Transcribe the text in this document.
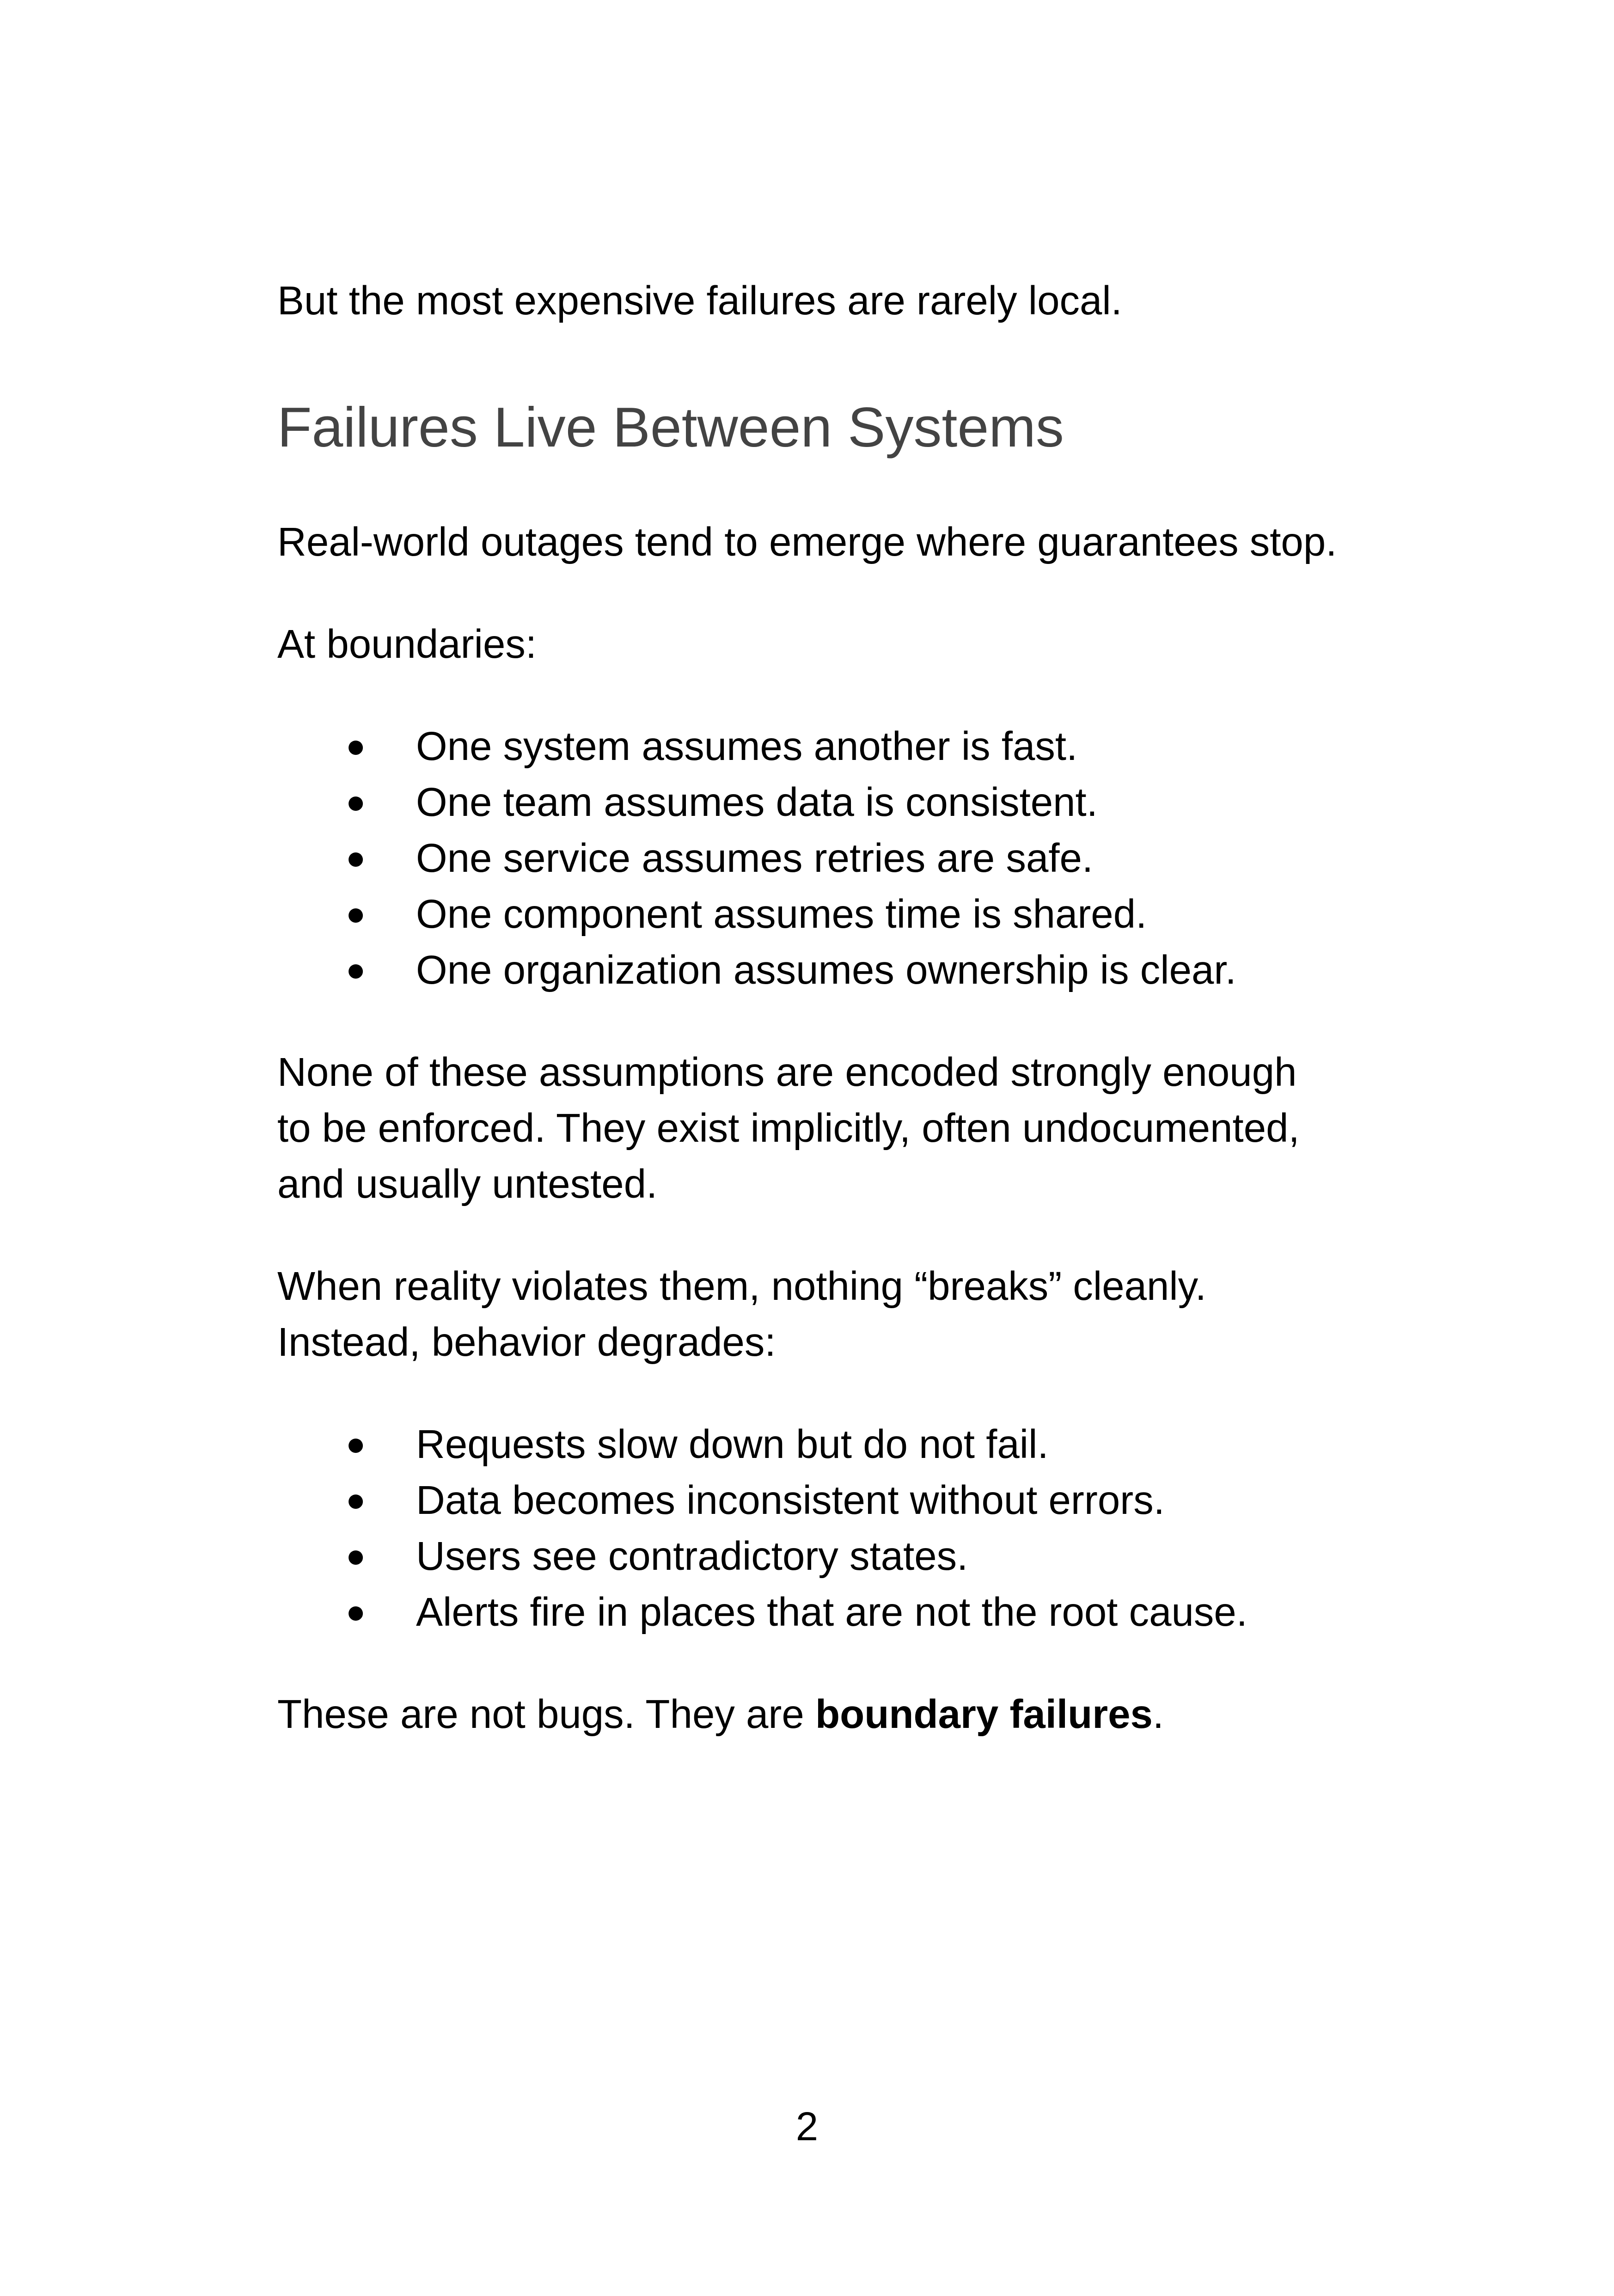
But the most expensive failures are rarely local.

Failures Live Between Systems

Real-world outages tend to emerge where guarantees stop.

At boundaries:

● One system assumes another is fast.
● One team assumes data is consistent.
● One service assumes retries are safe.
● One component assumes time is shared.
● One organization assumes ownership is clear.

None of these assumptions are encoded strongly enough to be enforced. They exist implicitly, often undocumented, and usually untested.

When reality violates them, nothing “breaks” cleanly. Instead, behavior degrades:

● Requests slow down but do not fail.
● Data becomes inconsistent without errors.
● Users see contradictory states.
● Alerts fire in places that are not the root cause.

These are not bugs. They are boundary failures.

2
